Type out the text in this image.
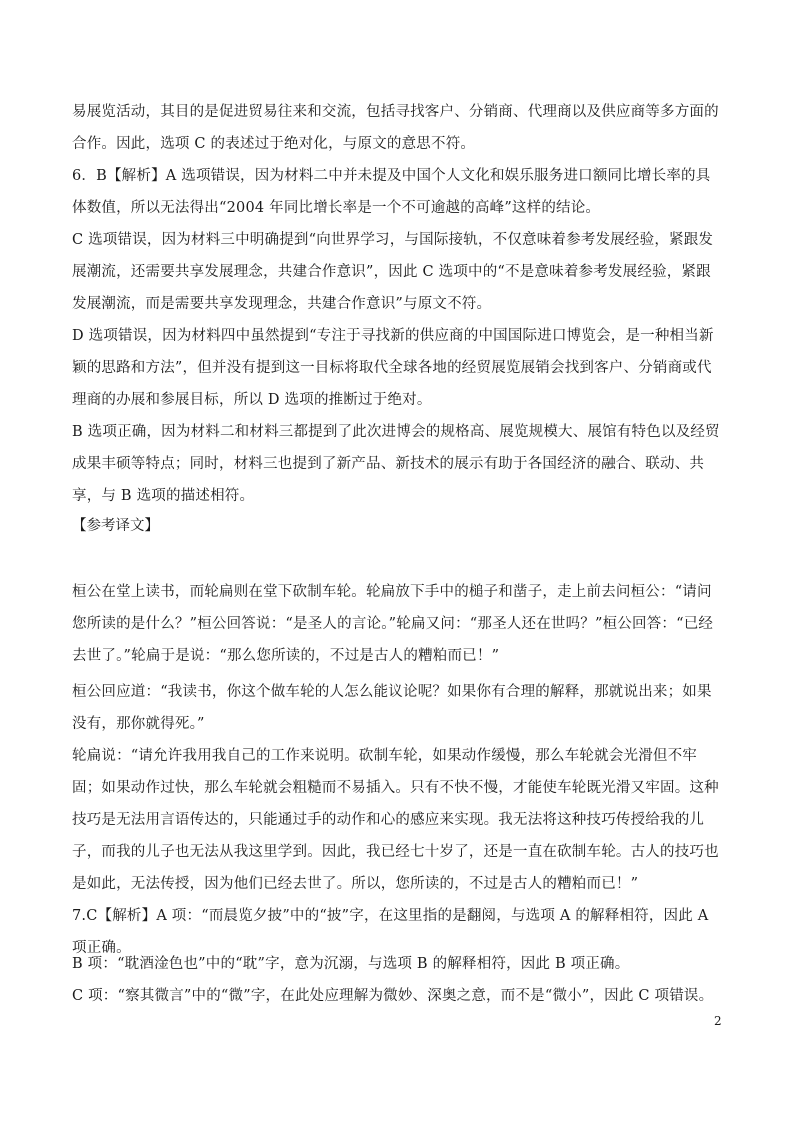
易展览活动，其目的是促进贸易往来和交流，包括寻找客户、分销商、代理商以及供应商等多方面的合作。因此，选项 C 的表述过于绝对化，与原文的意思不符。

6．B【解析】A 选项错误，因为材料二中并未提及中国个人文化和娱乐服务进口额同比增长率的具体数值，所以无法得出“2004 年同比增长率是一个不可逾越的高峰”这样的结论。

C 选项错误，因为材料三中明确提到“向世界学习，与国际接轨，不仅意味着参考发展经验，紧跟发展潮流，还需要共享发展理念，共建合作意识”，因此 C 选项中的“不是意味着参考发展经验，紧跟发展潮流，而是需要共享发现理念，共建合作意识”与原文不符。

D 选项错误，因为材料四中虽然提到“专注于寻找新的供应商的中国国际进口博览会，是一种相当新颖的思路和方法”，但并没有提到这一目标将取代全球各地的经贸展览展销会找到客户、分销商或代理商的办展和参展目标，所以 D 选项的推断过于绝对。

B 选项正确，因为材料二和材料三都提到了此次进博会的规格高、展览规模大、展馆有特色以及经贸成果丰硕等特点；同时，材料三也提到了新产品、新技术的展示有助于各国经济的融合、联动、共享，与 B 选项的描述相符。

【参考译文】

桓公在堂上读书，而轮扁则在堂下砍制车轮。轮扁放下手中的槌子和凿子，走上前去问桓公：“请问您所读的是什么？”桓公回答说：“是圣人的言论。”轮扁又问：“那圣人还在世吗？”桓公回答：“已经去世了。”轮扁于是说：“那么您所读的，不过是古人的糟粕而已！”

桓公回应道：“我读书，你这个做车轮的人怎么能议论呢？如果你有合理的解释，那就说出来；如果没有，那你就得死。”

轮扁说：“请允许我用我自己的工作来说明。砍制车轮，如果动作缓慢，那么车轮就会光滑但不牢固；如果动作过快，那么车轮就会粗糙而不易插入。只有不快不慢，才能使车轮既光滑又牢固。这种技巧是无法用言语传达的，只能通过手的动作和心的感应来实现。我无法将这种技巧传授给我的儿子，而我的儿子也无法从我这里学到。因此，我已经七十岁了，还是一直在砍制车轮。古人的技巧也是如此，无法传授，因为他们已经去世了。所以，您所读的，不过是古人的糟粕而已！”

7.C【解析】A 项：“而晨览夕披”中的“披”字，在这里指的是翻阅，与选项 A 的解释相符，因此 A 项正确。

B 项：“耽酒淦色也”中的“耽”字，意为沉溺，与选项 B 的解释相符，因此 B 项正确。

C 项：“察其微言”中的“微”字，在此处应理解为微妙、深奥之意，而不是“微小”，因此 C 项错误。

2
